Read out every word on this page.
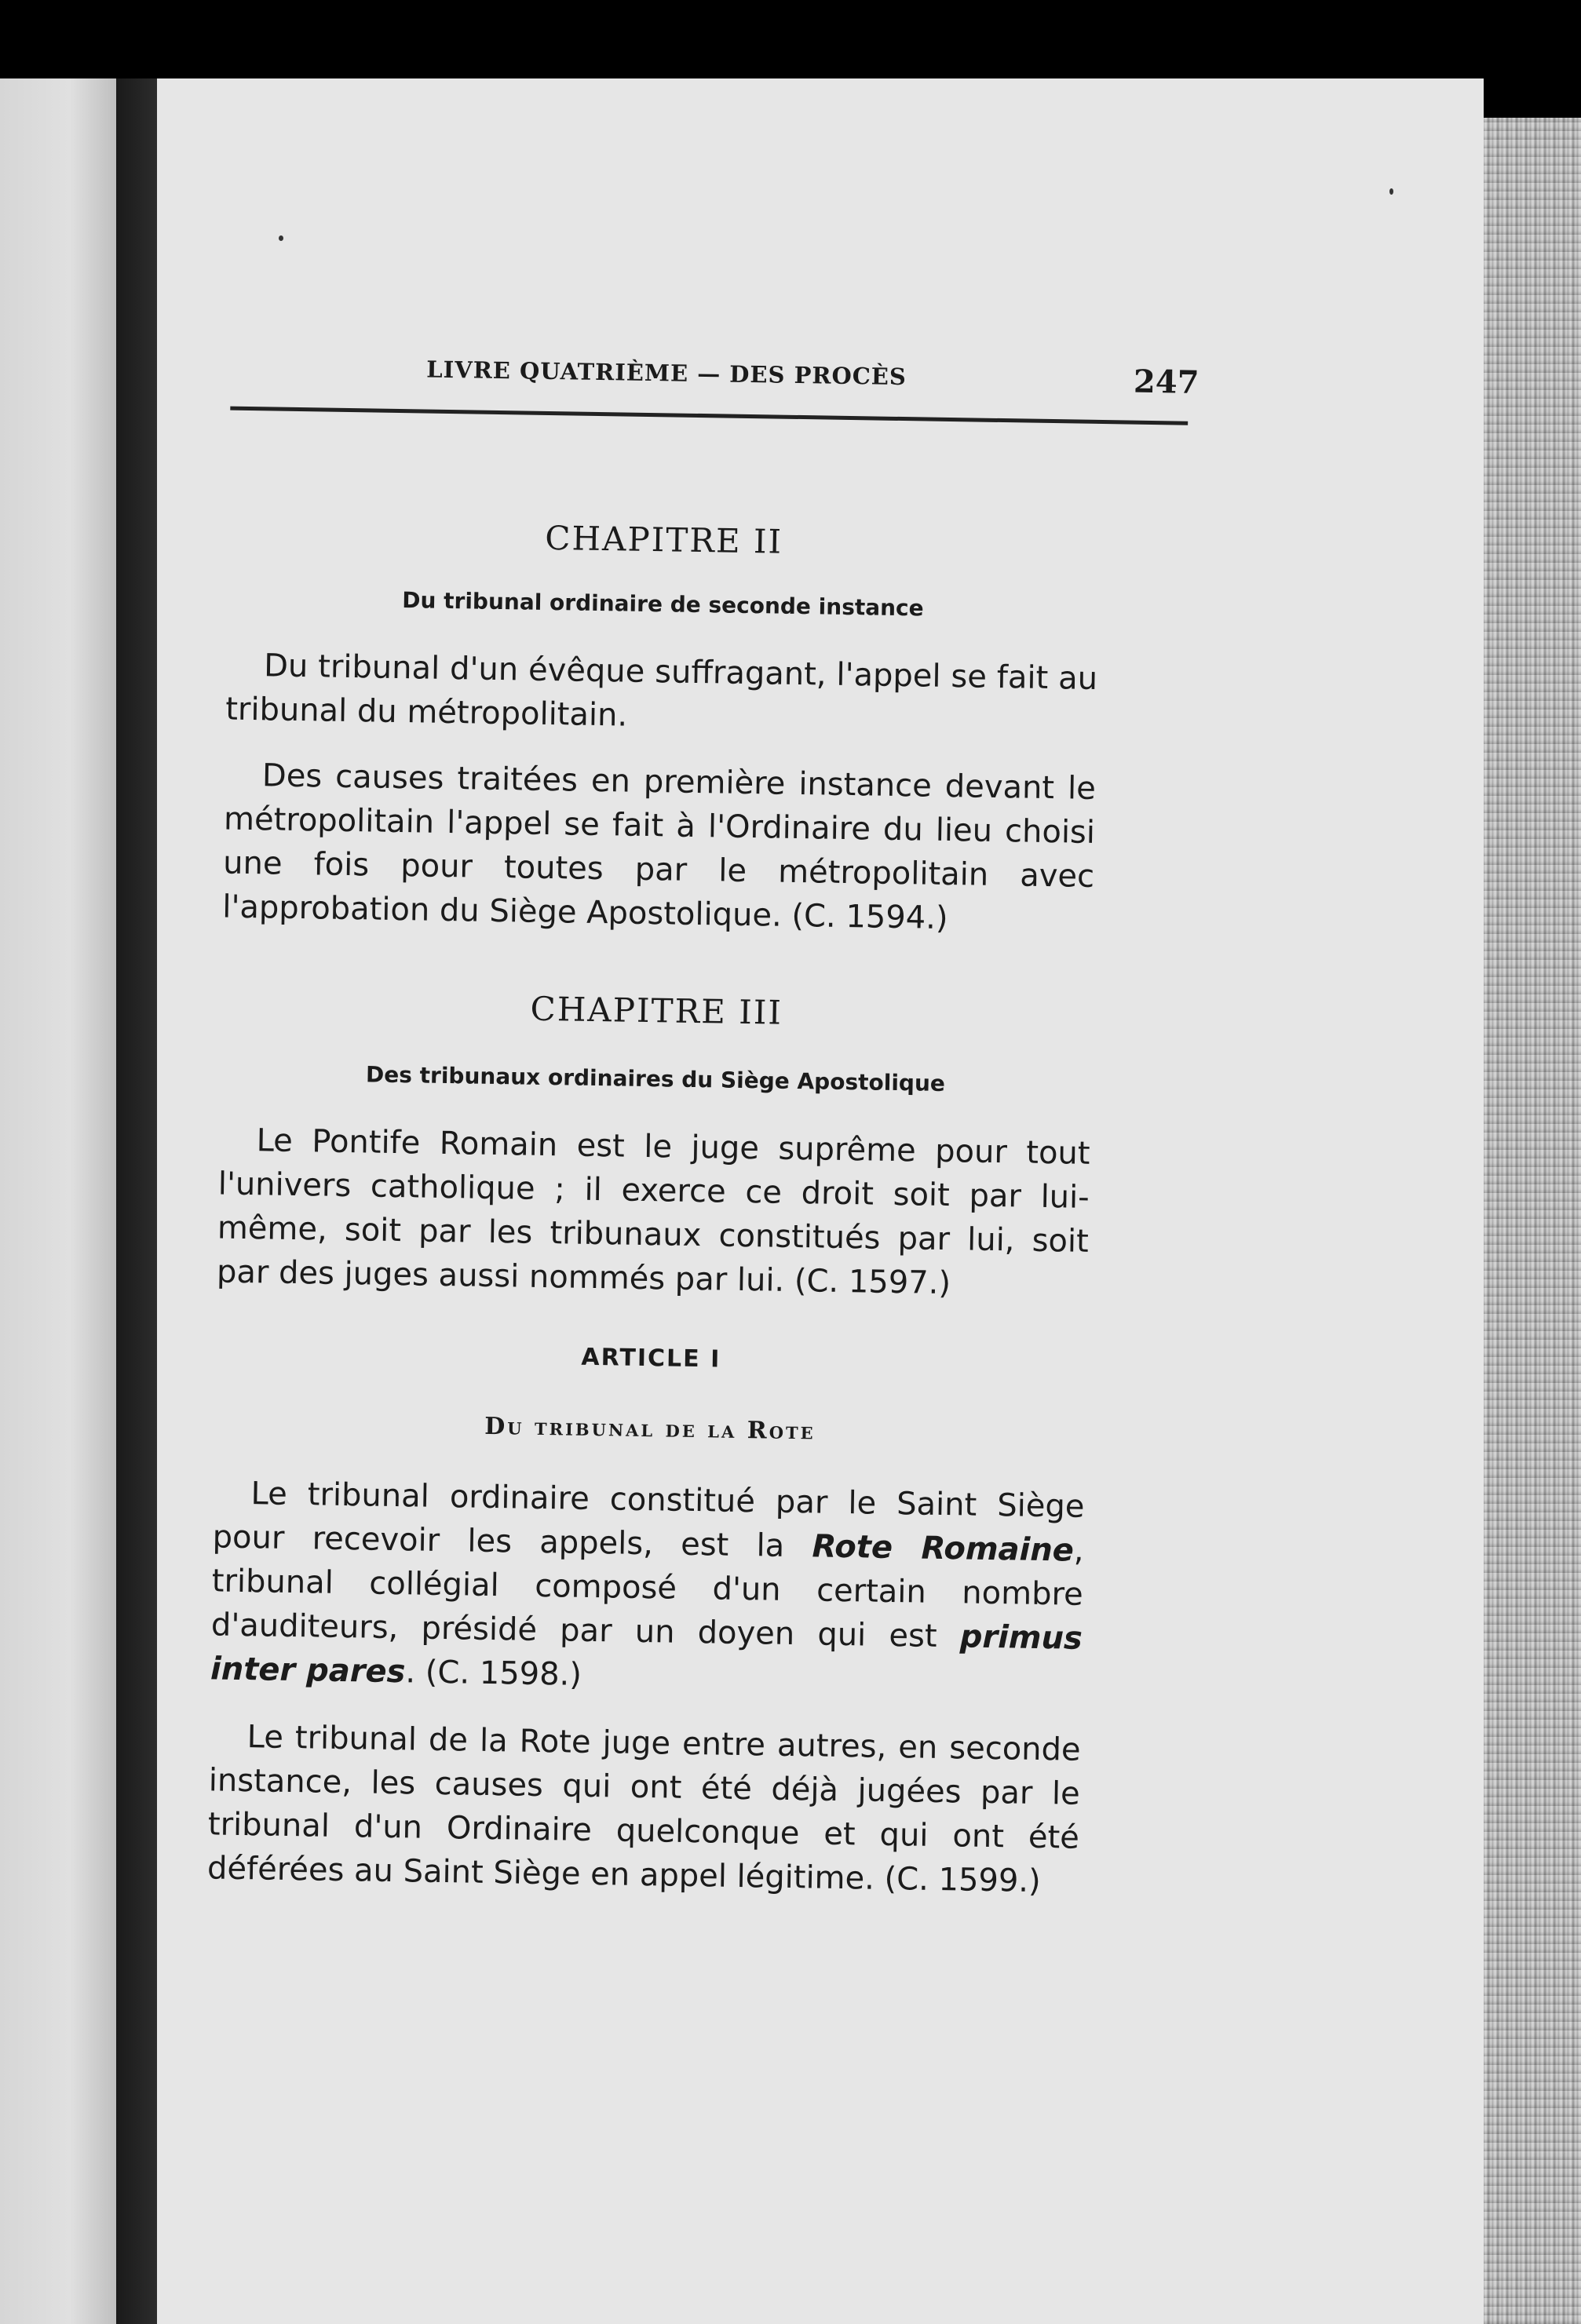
LIVRE QUATRIÈME — DES PROCÈS	247
CHAPITRE II
Du tribunal ordinaire de seconde instance
Du tribunal d'un évêque suffragant, l'appel se fait au tribunal du métropolitain.
Des causes traitées en première instance devant le métropolitain l'appel se fait à l'Ordinaire du lieu choisi une fois pour toutes par le métropolitain avec l'approbation du Siège Apostolique. (C. 1594.)
CHAPITRE III
Des tribunaux ordinaires du Siège Apostolique
Le Pontife Romain est le juge suprême pour tout l'univers catholique ; il exerce ce droit soit par lui-même, soit par les tribunaux constitués par lui, soit par des juges aussi nommés par lui. (C. 1597.)
ARTICLE I
Du tribunal de la Rote
Le tribunal ordinaire constitué par le Saint Siège pour recevoir les appels, est la Rote Romaine, tribunal collégial composé d'un certain nombre d'auditeurs, présidé par un doyen qui est primus inter pares. (C. 1598.)
Le tribunal de la Rote juge entre autres, en seconde instance, les causes qui ont été déjà jugées par le tribunal d'un Ordinaire quelconque et qui ont été déférées au Saint Siège en appel légitime. (C. 1599.)
